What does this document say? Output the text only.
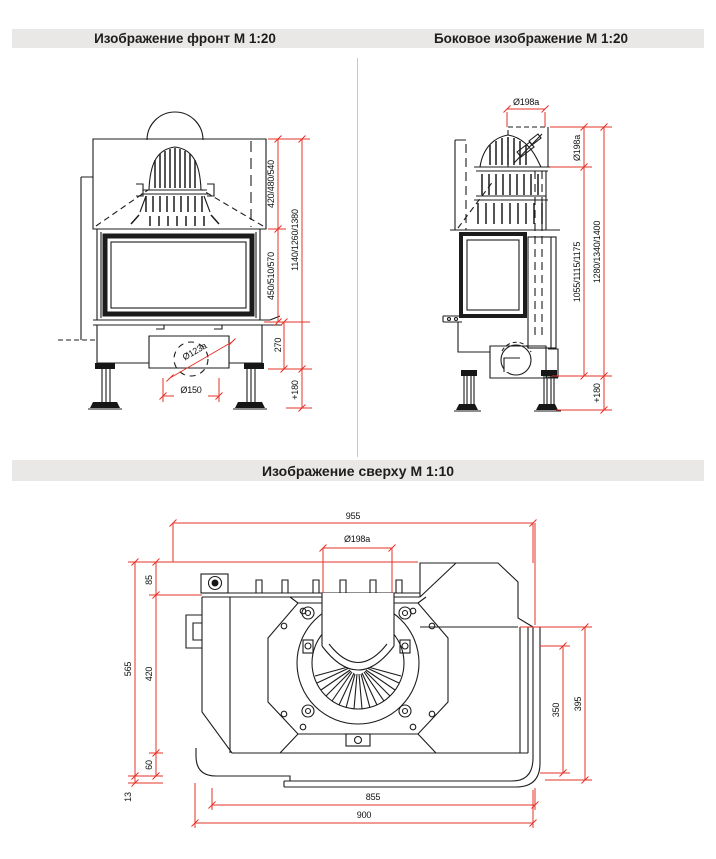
Изображение фронт М 1:20	Боковое изображение М 1:20
Изображение сверху М 1:10
420/480/540
450/510/570
1140/1260/1380
270
+180
Ø123a
Ø150
Ø198a
Ø198a
1055/1115/1175 1280/1340/1400
+180
955
Ø198a
565
85
420
60
13
350 395
855
900
